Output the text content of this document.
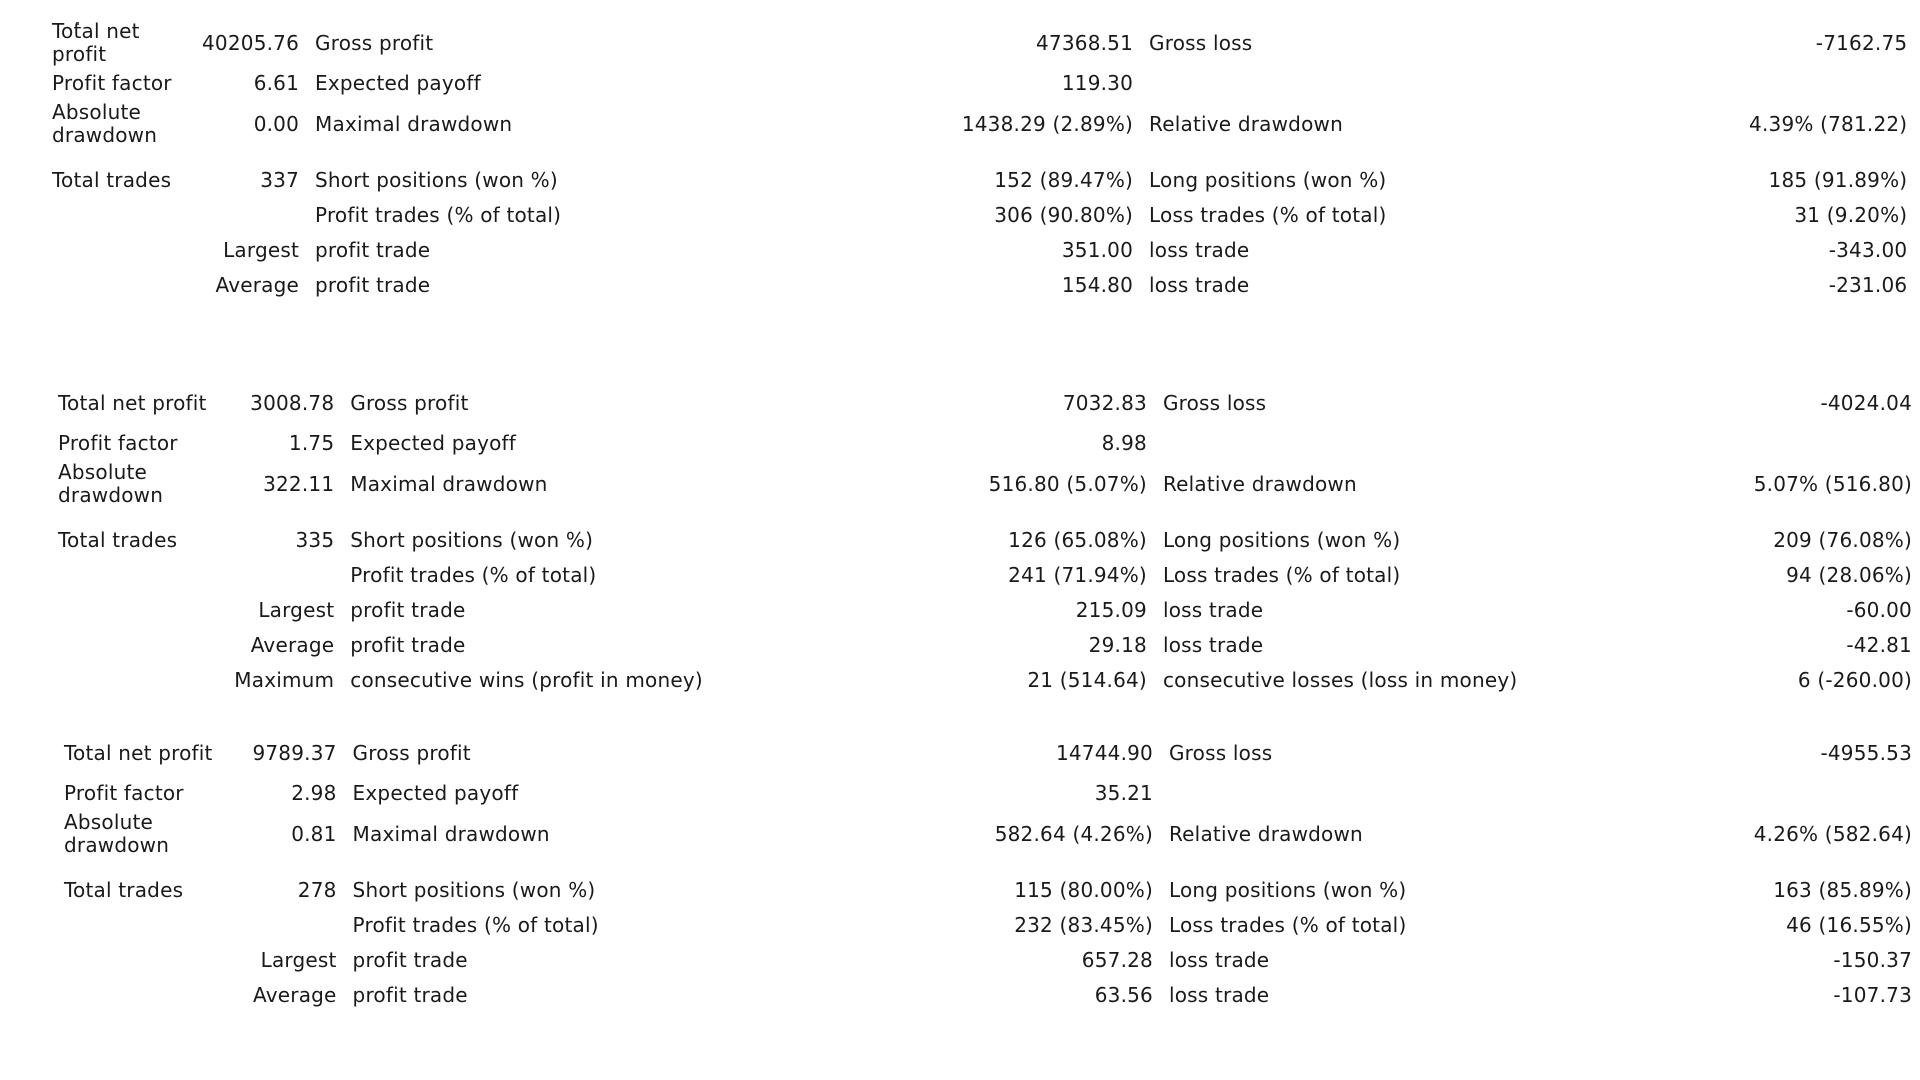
Total net profit	40205.76	Gross profit	47368.51	Gross loss	-7162.75
Profit factor	6.61	Expected payoff	119.30		
Absolute drawdown	0.00	Maximal drawdown	1438.29 (2.89%)	Relative drawdown	4.39% (781.22)

Total trades	337	Short positions (won %)	152 (89.47%)	Long positions (won %)	185 (91.89%)
		Profit trades (% of total)	306 (90.80%)	Loss trades (% of total)	31 (9.20%)
	Largest	profit trade	351.00	loss trade	-343.00
	Average	profit trade	154.80	loss trade	-231.06
Total net profit	3008.78	Gross profit	7032.83	Gross loss	-4024.04
Profit factor	1.75	Expected payoff	8.98		
Absolute drawdown	322.11	Maximal drawdown	516.80 (5.07%)	Relative drawdown	5.07% (516.80)

Total trades	335	Short positions (won %)	126 (65.08%)	Long positions (won %)	209 (76.08%)
		Profit trades (% of total)	241 (71.94%)	Loss trades (% of total)	94 (28.06%)
	Largest	profit trade	215.09	loss trade	-60.00
	Average	profit trade	29.18	loss trade	-42.81
	Maximum	consecutive wins (profit in money)	21 (514.64)	consecutive losses (loss in money)	6 (-260.00)
Total net profit	9789.37	Gross profit	14744.90	Gross loss	-4955.53
Profit factor	2.98	Expected payoff	35.21		
Absolute drawdown	0.81	Maximal drawdown	582.64 (4.26%)	Relative drawdown	4.26% (582.64)

Total trades	278	Short positions (won %)	115 (80.00%)	Long positions (won %)	163 (85.89%)
		Profit trades (% of total)	232 (83.45%)	Loss trades (% of total)	46 (16.55%)
	Largest	profit trade	657.28	loss trade	-150.37
	Average	profit trade	63.56	loss trade	-107.73
